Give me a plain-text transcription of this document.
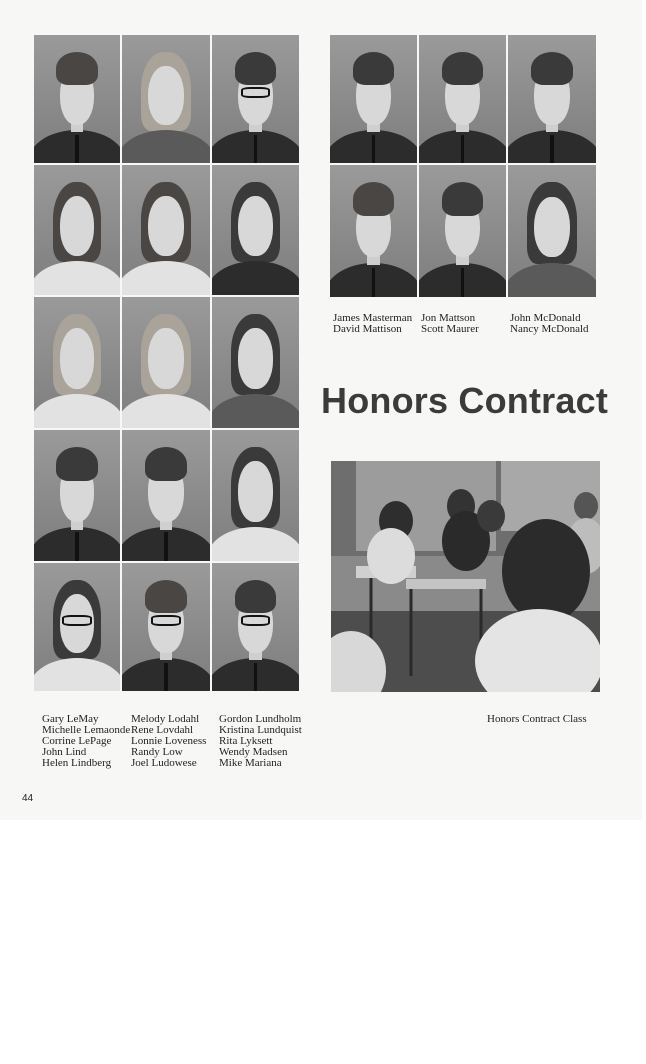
James Masterman
David Mattison
Jon Mattson
Scott Maurer
John McDonald
Nancy McDonald
Honors Contract
Gary LeMay
Michelle Lemaonde
Corrine LePage
John Lind
Helen Lindberg
Melody Lodahl
Rene Lovdahl
Lonnie Loveness
Randy Low
Joel Ludowese
Gordon Lundholm
Kristina Lundquist
Rita Lyksett
Wendy Madsen
Mike Mariana
Honors Contract Class
44
